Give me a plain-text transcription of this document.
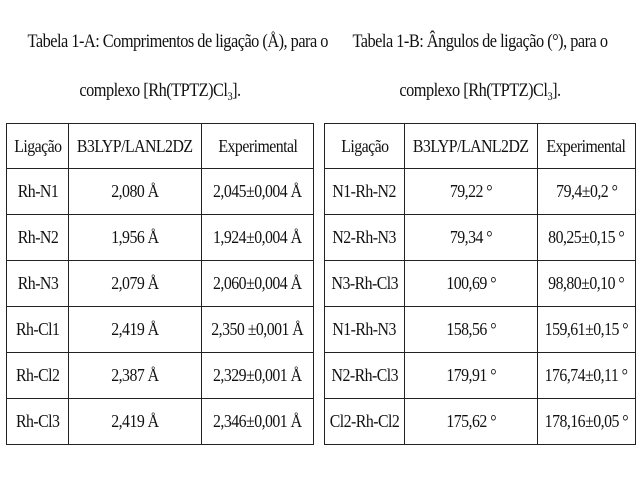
Tabela 1-A: Comprimentos de ligação (Å), para o
complexo $[Rh(TPTZ)Cl_3]$.
Ligação	B3LYP/LANL2DZ	Experimental
Rh-N1	2,080 Å	2,045±0,004 Å
Rh-N2	1,956 Å	1,924±0,004 Å
Rh-N3	2,079 Å	2,060±0,004 Å
Rh-Cl1	2,419 Å	2,350 ±0,001 Å
Rh-Cl2	2,387 Å	2,329±0,001 Å
Rh-Cl3	2,419 Å	2,346±0,001 Å
Tabela 1-B: Ângulos de ligação (°), para o
complexo $[Rh(TPTZ)Cl_3]$.
Ligação	B3LYP/LANL2DZ	Experimental
N1-Rh-N2	79,22 °	79,4±0,2 °
N2-Rh-N3	79,34 °	80,25±0,15 °
N3-Rh-Cl3	100,69 °	98,80±0,10 °
N1-Rh-N3	158,56 °	159,61±0,15 °
N2-Rh-Cl3	179,91 °	176,74±0,11 °
Cl2-Rh-Cl2	175,62 °	178,16±0,05 °
